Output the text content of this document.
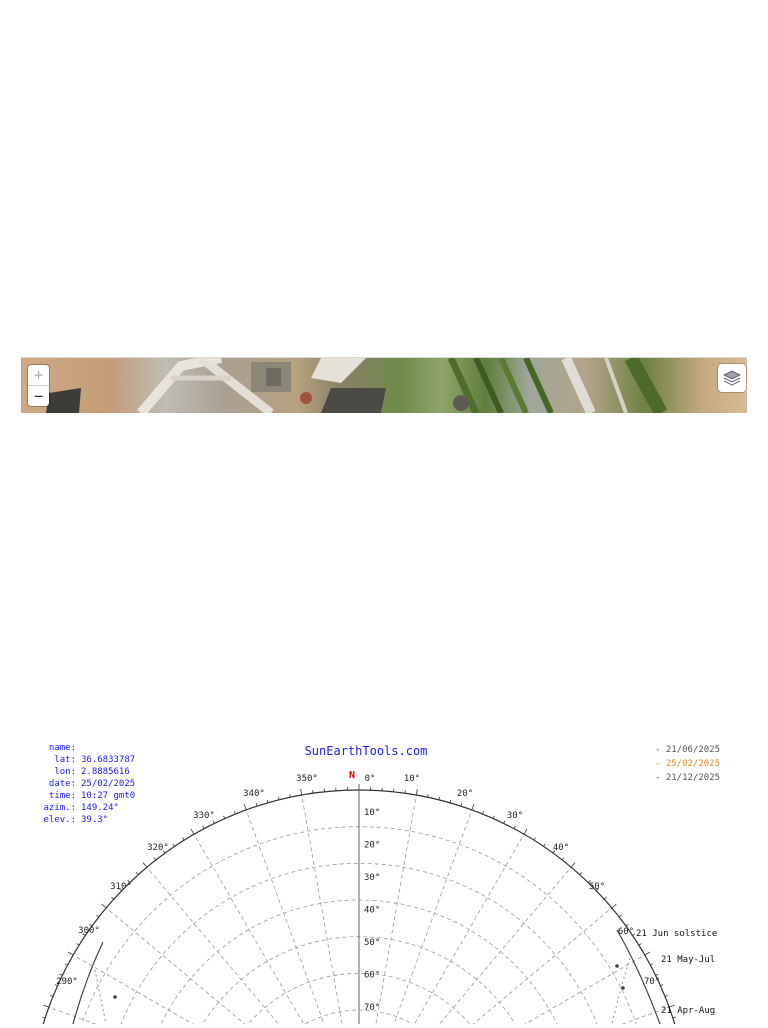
+
−
name:
lat: 36.6833787
lon: 2.8885616
date: 25/02/2025
time: 10:27 gmt0
azim.: 149.24°
elev.: 39.3°
SunEarthTools.com
N
- 21/06/2025
- 25/02/2025
- 21/12/2025
0°	10°
20°
30°
40°
50°
60°
290°
300°
310°
320°
330°
340°
350°
10°
20°
30°
40°
50°
60°
70°
70°
21 Jun solstice
21 May-Jul
21 Apr-Aug
